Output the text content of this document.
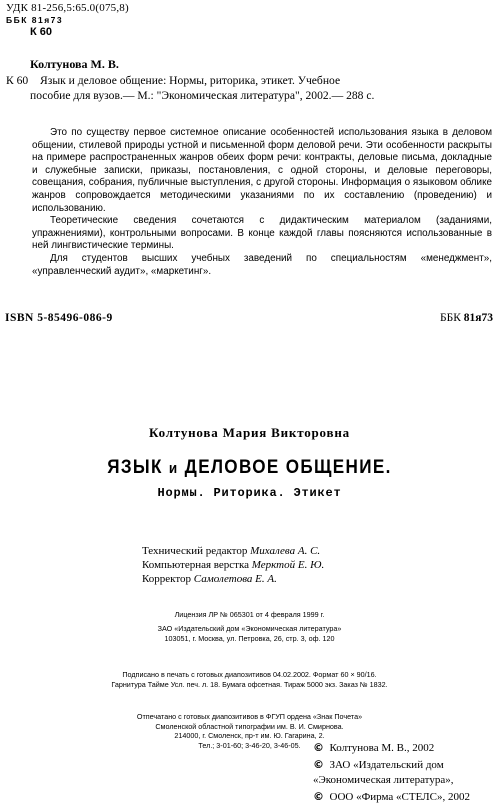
УДК 81-256,5:65.0(075,8)
ББК 81я73
К 60
Колтунова М. В.
К 60 Язык и деловое общение: Нормы, риторика, этикет. Учебное
пособие для вузов.— М.: "Экономическая литература", 2002.— 288 с.

Это по существу первое системное описание особенностей использования языка в деловом общении, стилевой природы устной и письменной форм деловой речи. Эти особенности раскрыты на примере распространенных жанров обеих форм речи: контракты, деловые письма, докладные и служебные записки, приказы, постановления, с одной стороны, и деловые переговоры, совещания, собрания, публичные выступления, с другой стороны. Информация о языковом облике жанров сопровождается методическими указаниями по их составлению (проведению) и использованию.

Теоретические сведения сочетаются с дидактическим материалом (заданиями, упражнениями), контрольными вопросами. В конце каждой главы поясняются использованные в ней лингвистические термины.

Для студентов высших учебных заведений по специальностям «менеджмент», «управленческий аудит», «маркетинг».

ISBN 5-85496-086-9	ББК 81я73
Колтунова Мария Викторовна
ЯЗЫК и ДЕЛОВОЕ ОБЩЕНИЕ.
Нормы. Риторика. Этикет
Технический редактор Михалева А. С.
Компьютерная верстка Мерктой Е. Ю.
Корректор Самолетова Е. А.
Лицензия ЛР № 065301 от 4 февраля 1999 г.
ЗАО «Издательский дом «Экономическая литература»
103051, г. Москва, ул. Петровка, 26, стр. 3, оф. 120
Подписано в печать с готовых диапозитивов 04.02.2002. Формат 60 × 90/16.
Гарнитура Тайме Усл. печ. л. 18. Бумага офсетная. Тираж 5000 экз. Заказ № 1832.
Отпечатано с готовых диапозитивов в ФГУП ордена «Знак Почета»
Смоленской областной типографии им. В. И. Смирнова.
214000, г. Смоленск, пр-т им. Ю. Гагарина, 2.
Тел.; 3-01-60; 3-46-20, 3-46-05.	© Колтунова М. В., 2002
© ЗАО «Издательский дом
«Экономическая литература»,
© ООО «Фирма «СТЕЛС», 2002
